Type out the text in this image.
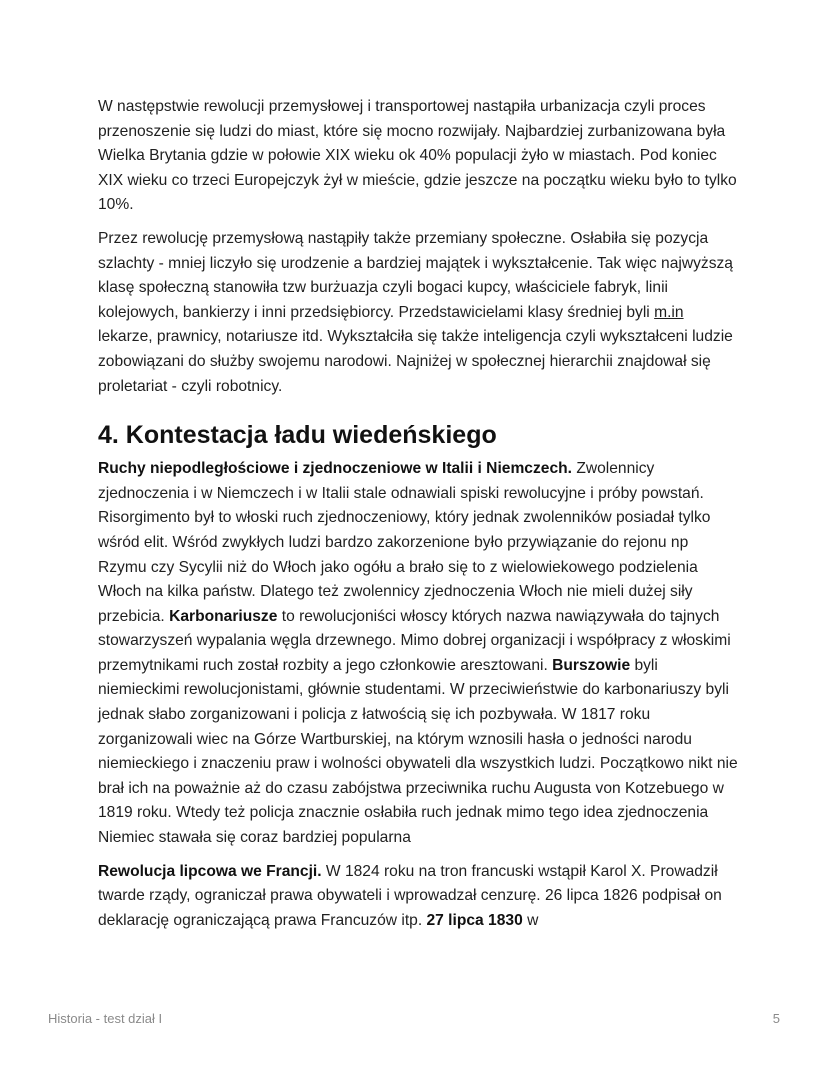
W następstwie rewolucji przemysłowej i transportowej nastąpiła urbanizacja czyli proces przenoszenie się ludzi do miast, które się mocno rozwijały. Najbardziej zurbanizowana była Wielka Brytania gdzie w połowie XIX wieku ok 40% populacji żyło w miastach. Pod koniec XIX wieku co trzeci Europejczyk żył w mieście, gdzie jeszcze na początku wieku było to tylko 10%.

Przez rewolucję przemysłową nastąpiły także przemiany społeczne. Osłabiła się pozycja szlachty - mniej liczyło się urodzenie a bardziej majątek i wykształcenie. Tak więc najwyższą klasę społeczną stanowiła tzw burżuazja czyli bogaci kupcy, właściciele fabryk, linii kolejowych, bankierzy i inni przedsiębiorcy. Przedstawicielami klasy średniej byli m.in lekarze, prawnicy, notariusze itd. Wykształciła się także inteligencja czyli wykształceni ludzie zobowiązani do służby swojemu narodowi. Najniżej w społecznej hierarchii znajdował się proletariat - czyli robotnicy.

4. Kontestacja ładu wiedeńskiego

Ruchy niepodległościowe i zjednoczeniowe w Italii i Niemczech. Zwolennicy zjednoczenia i w Niemczech i w Italii stale odnawiali spiski rewolucyjne i próby powstań. Risorgimento był to włoski ruch zjednoczeniowy, który jednak zwolenników posiadał tylko wśród elit. Wśród zwykłych ludzi bardzo zakorzenione było przywiązanie do rejonu np Rzymu czy Sycylii niż do Włoch jako ogółu a brało się to z wielowiekowego podzielenia Włoch na kilka państw. Dlatego też zwolennicy zjednoczenia Włoch nie mieli dużej siły przebicia. Karbonariusze to rewolucjoniści włoscy których nazwa nawiązywała do tajnych stowarzyszeń wypalania węgla drzewnego. Mimo dobrej organizacji i współpracy z włoskimi przemytnikami ruch został rozbity a jego członkowie aresztowani. Burszowie byli niemieckimi rewolucjonistami, głównie studentami. W przeciwieństwie do karbonariuszy byli jednak słabo zorganizowani i policja z łatwością się ich pozbywała. W 1817 roku zorganizowali wiec na Górze Wartburskiej, na którym wznosili hasła o jedności narodu niemieckiego i znaczeniu praw i wolności obywateli dla wszystkich ludzi. Początkowo nikt nie brał ich na poważnie aż do czasu zabójstwa przeciwnika ruchu Augusta von Kotzebuego w 1819 roku. Wtedy też policja znacznie osłabiła ruch jednak mimo tego idea zjednoczenia Niemiec stawała się coraz bardziej popularna

Rewolucja lipcowa we Francji. W 1824 roku na tron francuski wstąpił Karol X. Prowadził twarde rządy, ograniczał prawa obywateli i wprowadzał cenzurę. 26 lipca 1826 podpisał on deklarację ograniczającą prawa Francuzów itp. 27 lipca 1830 w

Historia - test dział I	5
